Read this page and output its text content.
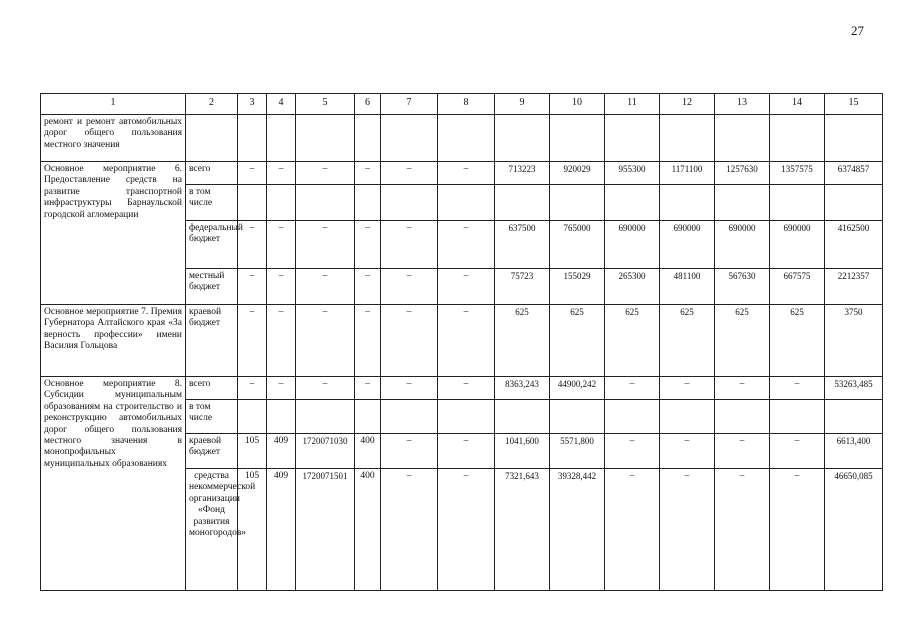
27
1	2	3	4	5	6	7	8	9	10	11	12	13	14	15
ремонт и ремонт автомобильных дорог общего пользования местного значения														
Основное мероприятие 6. Предоставление средств на развитие транспортной инфраструктуры Барнаульской городской агломерации	всего	–	–	–	–	–	–	713223	920029	955300	1171100	1257630	1357575	6374857
	в том числе													
	федеральный бюджет	–	–	–	–	–	–	637500	765000	690000	690000	690000	690000	4162500
	местный бюджет	–	–	–	–	–	–	75723	155029	265300	481100	567630	667575	2212357
Основное мероприятие 7. Премия Губернатора Алтайского края «За верность профессии» имени Василия Гольцова	краевой бюджет	–	–	–	–	–	–	625	625	625	625	625	625	3750
Основное мероприятие 8. Субсидии муниципальным образованиям на строительство и реконструкцию автомобильных дорог общего пользования местного значения в монопрофильных муниципальных образованиях	всего	–	–	–	–	–	–	8363,243	44900,242	–	–	–	–	53263,485
	в том числе													
	краевой бюджет	105	409	1720071030	400	–	–	1041,600	5571,800	–	–	–	–	6613,400
	средства некоммерческой организации «Фонд развития моногородов»	105	409	1720071501	400	–	–	7321,643	39328,442	–	–	–	–	46650,085
